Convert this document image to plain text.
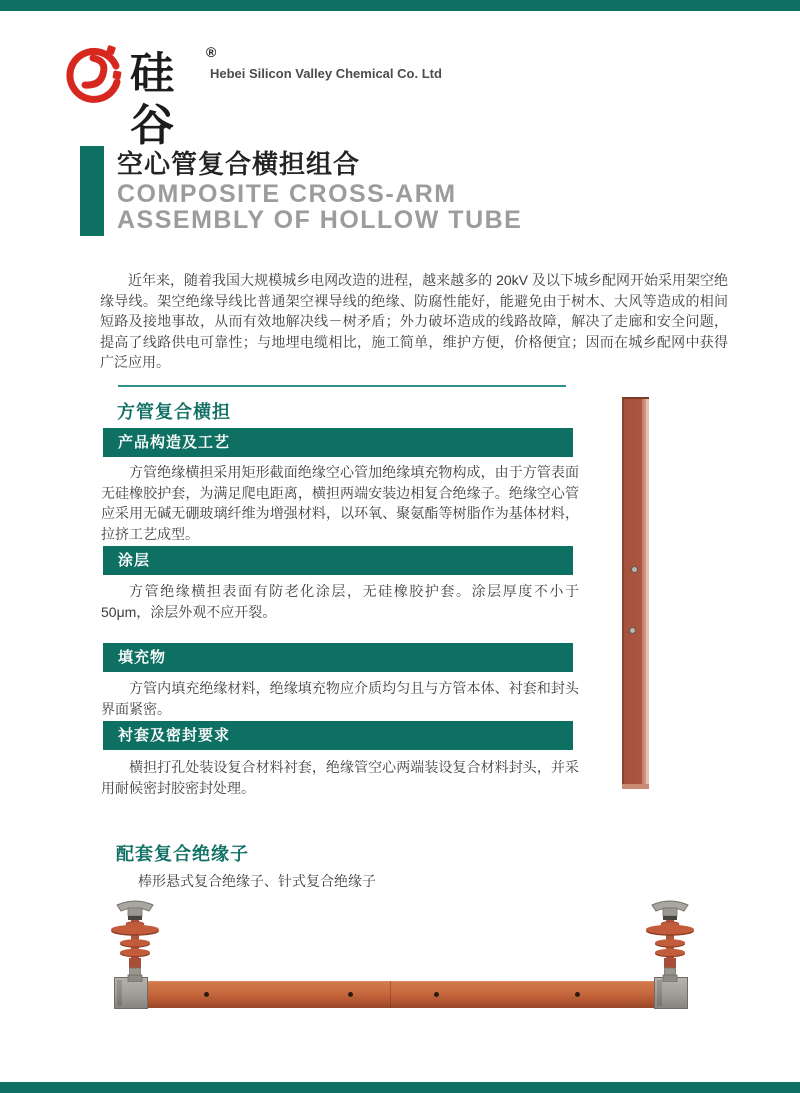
硅谷
®
Hebei Silicon Valley Chemical Co. Ltd
空心管复合横担组合
COMPOSITE CROSS-ARM
ASSEMBLY OF HOLLOW TUBE

近年来，随着我国大规模城乡电网改造的进程，越来越多的 20kV 及以下城乡配网开始采用架空绝缘导线。架空绝缘导线比普通架空裸导线的绝缘、防腐性能好，能避免由于树木、大风等造成的相间短路及接地事故，从而有效地解决线－树矛盾；外力破坏造成的线路故障，解决了走廊和安全问题，提高了线路供电可靠性；与地埋电缆相比，施工简单，维护方便，价格便宜；因而在城乡配网中获得广泛应用。

方管复合横担
产品构造及工艺

方管绝缘横担采用矩形截面绝缘空心管加绝缘填充物构成，由于方管表面无硅橡胶护套，为满足爬电距离，横担两端安装边相复合绝缘子。绝缘空心管应采用无碱无硼玻璃纤维为增强材料，以环氧、聚氨酯等树脂作为基体材料，拉挤工艺成型。

涂层

方管绝缘横担表面有防老化涂层，无硅橡胶护套。涂层厚度不小于 50μm，涂层外观不应开裂。

填充物

方管内填充绝缘材料，绝缘填充物应介质均匀且与方管本体、衬套和封头界面紧密。

衬套及密封要求

横担打孔处装设复合材料衬套，绝缘管空心两端装设复合材料封头，并采用耐候密封胶密封处理。

配套复合绝缘子

棒形悬式复合绝缘子、针式复合绝缘子
